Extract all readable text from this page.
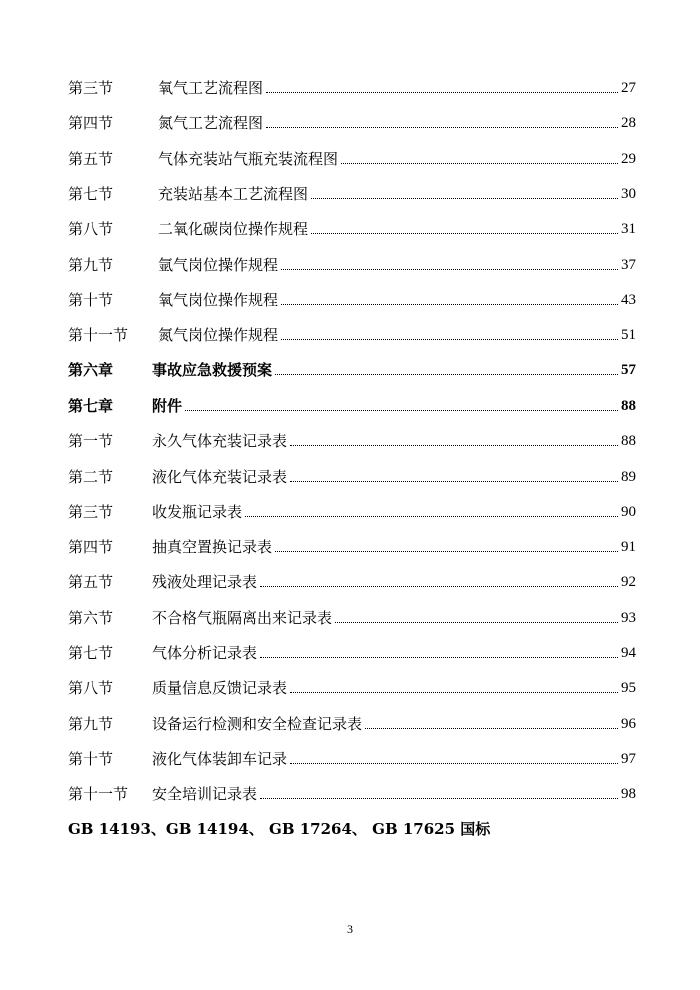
第三节	氧气工艺流程图	27
第四节	氮气工艺流程图	28
第五节	气体充装站气瓶充装流程图	29
第七节	充装站基本工艺流程图	30
第八节	二氧化碳岗位操作规程	31
第九节	氩气岗位操作规程	37
第十节	氧气岗位操作规程	43
第十一节	氮气岗位操作规程	51
第六章	事故应急救援预案	57
第七章	附件	88
第一节	永久气体充装记录表	88
第二节	液化气体充装记录表	89
第三节	收发瓶记录表	90
第四节	抽真空置换记录表	91
第五节	残液处理记录表	92
第六节	不合格气瓶隔离出来记录表	93
第七节	气体分析记录表	94
第八节	质量信息反馈记录表	95
第九节	设备运行检测和安全检查记录表	96
第十节	液化气体装卸车记录	97
第十一节	安全培训记录表	98
GB 14193、GB 14194、 GB 17264、 GB 17625 国标
3
